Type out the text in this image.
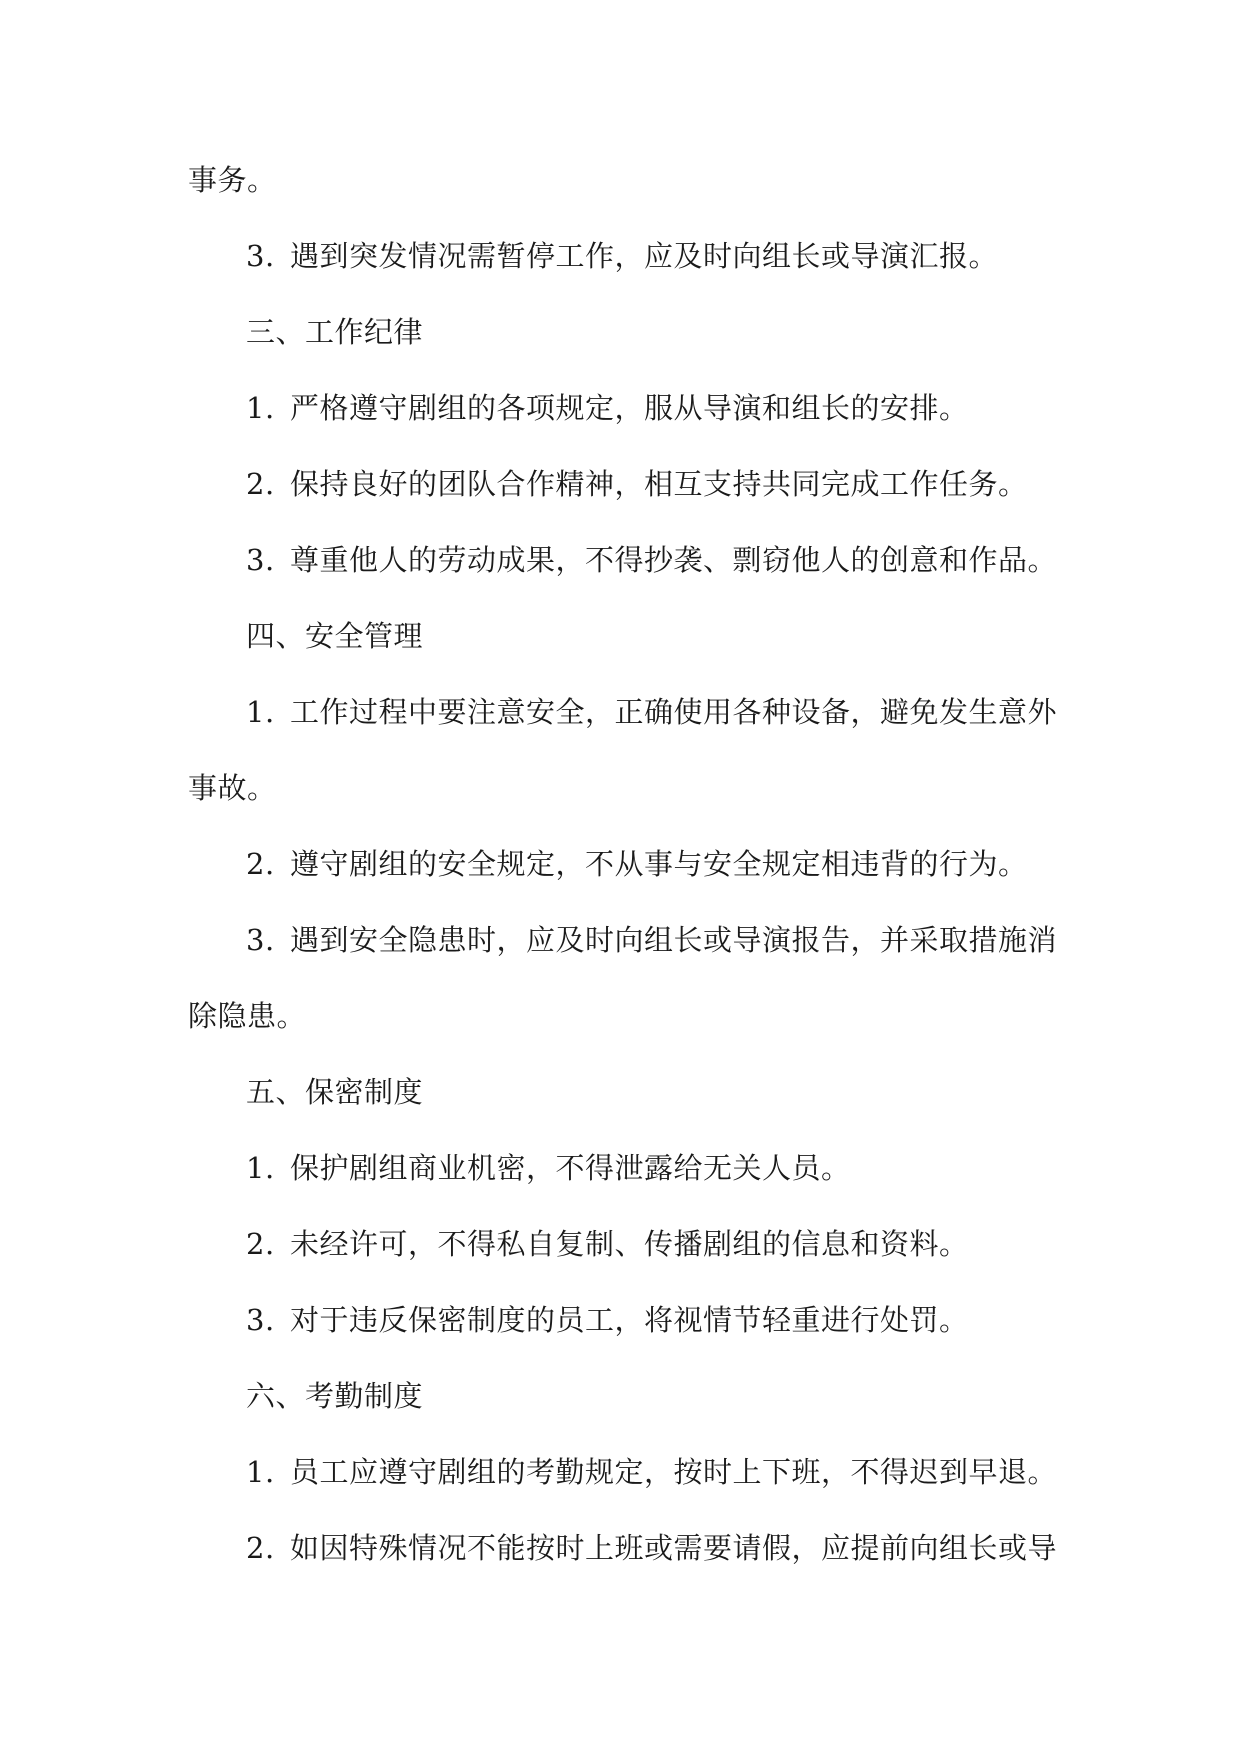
事务。
3. 遇到突发情况需暂停工作，应及时向组长或导演汇报。
三、工作纪律
1. 严格遵守剧组的各项规定，服从导演和组长的安排。
2. 保持良好的团队合作精神，相互支持共同完成工作任务。
3. 尊重他人的劳动成果，不得抄袭、剽窃他人的创意和作品。
四、安全管理
1. 工作过程中要注意安全，正确使用各种设备，避免发生意外
事故。
2. 遵守剧组的安全规定，不从事与安全规定相违背的行为。
3. 遇到安全隐患时，应及时向组长或导演报告，并采取措施消
除隐患。
五、保密制度
1. 保护剧组商业机密，不得泄露给无关人员。
2. 未经许可，不得私自复制、传播剧组的信息和资料。
3. 对于违反保密制度的员工，将视情节轻重进行处罚。
六、考勤制度
1. 员工应遵守剧组的考勤规定，按时上下班，不得迟到早退。
2. 如因特殊情况不能按时上班或需要请假，应提前向组长或导
